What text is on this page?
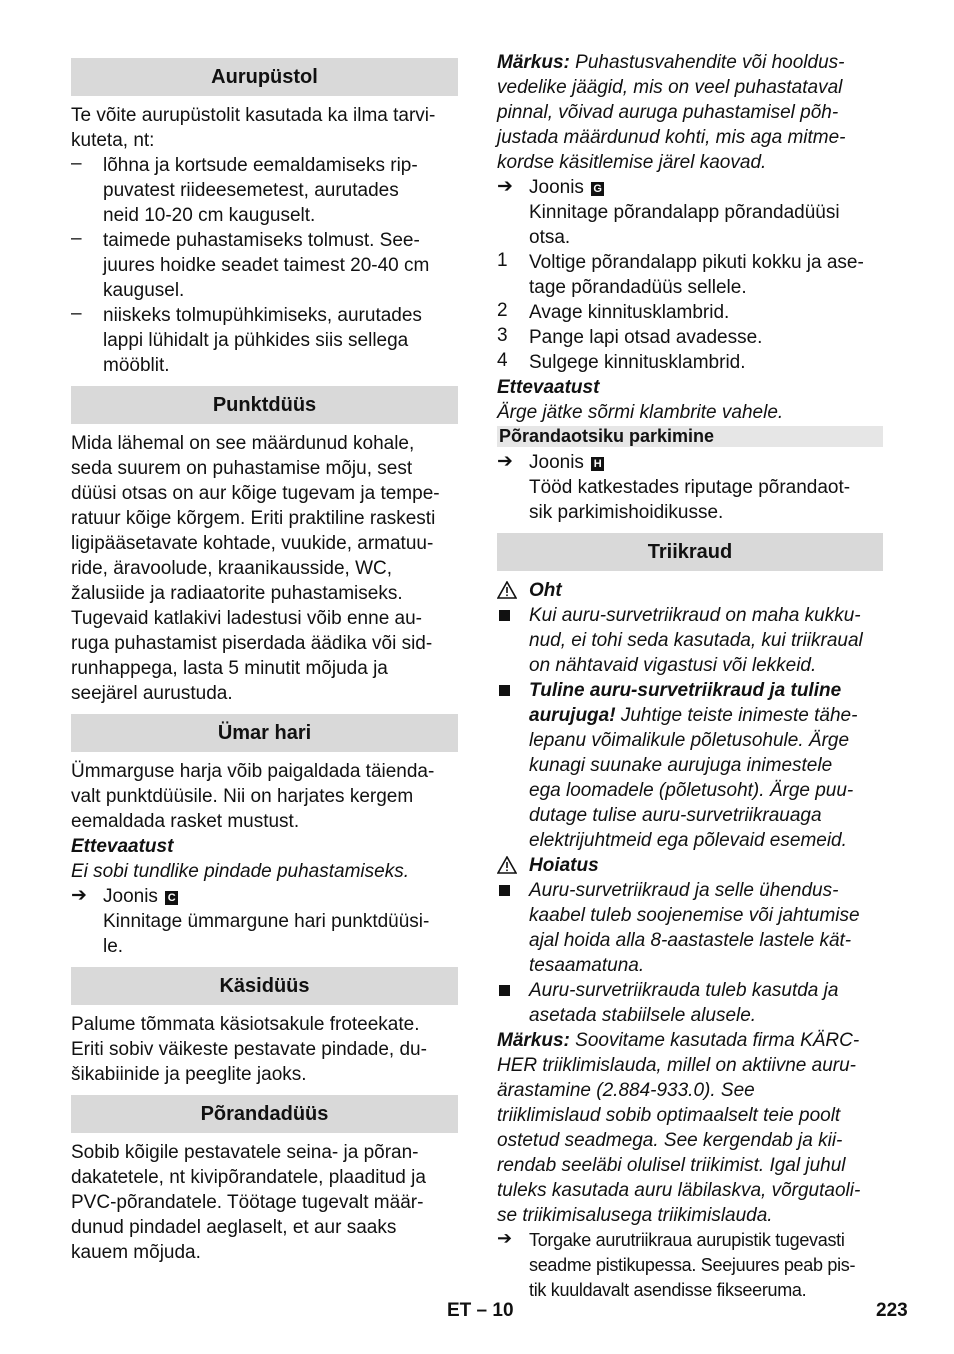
Aurupüstol
Te võite aurupüstolit kasutada ka ilma tarvi-
kuteta, nt:
–	lõhna ja kortsude eemaldamiseks rip-
puvatest riideesemetest, aurutades
neid 10-20 cm kauguselt.
–	taimede puhastamiseks tolmust. See-
juures hoidke seadet taimest 20-40 cm
kaugusel.
–	niiskeks tolmupühkimiseks, aurutades
lappi lühidalt ja pühkides siis sellega
mööblit.
Punktdüüs
Mida lähemal on see määrdunud kohale,
seda suurem on puhastamise mõju, sest
düüsi otsas on aur kõige tugevam ja tempe-
ratuur kõige kõrgem. Eriti praktiline raskesti
ligipääsetavate kohtade, vuukide, armatuu-
ride, äravoolude, kraanikausside, WC,
žalusiide ja radiaatorite puhastamiseks.
Tugevaid katlakivi ladestusi võib enne au-
ruga puhastamist piserdada äädika või sid-
runhappega, lasta 5 minutit mõjuda ja
seejärel aurustuda.
Ümar hari
Ümmarguse harja võib paigaldada täienda-
valt punktdüüsile. Nii on harjates kergem
eemaldada rasket mustust.
Ettevaatust
Ei sobi tundlike pindade puhastamiseks.
➔ Joonis C
Kinnitage ümmargune hari punktdüüsi-
le.
Käsidüüs
Palume tõmmata käsiotsakule froteekate.
Eriti sobiv väikeste pestavate pindade, du-
šikabiinide ja peeglite jaoks.
Põrandadüüs
Sobib kõigile pestavatele seina- ja põran-
dakatetele, nt kivipõrandatele, plaaditud ja
PVC-põrandatele. Töötage tugevalt määr-
dunud pindadel aeglaselt, et aur saaks
kauem mõjuda.
Märkus: Puhastusvahendite või hooldus-
vedelike jäägid, mis on veel puhastataval
pinnal, võivad auruga puhastamisel põh-
justada määrdunud kohti, mis aga mitme-
kordse käsitlemise järel kaovad.
➔ Joonis G
Kinnitage põrandalapp põrandadüüsi
otsa.
1	Voltige põrandalapp pikuti kokku ja ase-
tage põrandadüüs sellele.
2	Avage kinnitusklambrid.
3	Pange lapi otsad avadesse.
4	Sulgege kinnitusklambrid.
Ettevaatust
Ärge jätke sõrmi klambrite vahele.
Põrandaotsiku parkimine
➔ Joonis H
Tööd katkestades riputage põrandaot-
sik parkimishoidikusse.
Triikraud
Oht
Kui auru-survetriikraud on maha kukku-
nud, ei tohi seda kasutada, kui triikraual
on nähtavaid vigastusi või lekkeid.
Tuline auru-survetriikraud ja tuline
aurujuga! Juhtige teiste inimeste tähe-
lepanu võimalikule põletusohule. Ärge
kunagi suunake aurujuga inimestele
ega loomadele (põletusoht). Ärge puu-
dutage tulise auru-survetriikrauaga
elektrijuhtmeid ega põlevaid esemeid.
Hoiatus
Auru-survetriikraud ja selle ühendus-
kaabel tuleb soojenemise või jahtumise
ajal hoida alla 8-aastastele lastele kät-
tesaamatuna.
Auru-survetriikrauda tuleb kasutda ja
asetada stabiilsele alusele.
Märkus: Soovitame kasutada firma KÄRC-
HER triiklimislauda, millel on aktiivne auru-
ärastamine (2.884-933.0). See
triiklimislaud sobib optimaalselt teie poolt
ostetud seadmega. See kergendab ja kii-
rendab seeläbi olulisel triikimist. Igal juhul
tuleks kasutada auru läbilaskva, võrgutaoli-
se triikimisalusega triikimislauda.
➔ Torgake aurutriikraua aurupistik tugevasti
seadme pistikupessa. Seejuures peab pis-
tik kuuldavalt asendisse fikseeruma.
ET – 10	223
